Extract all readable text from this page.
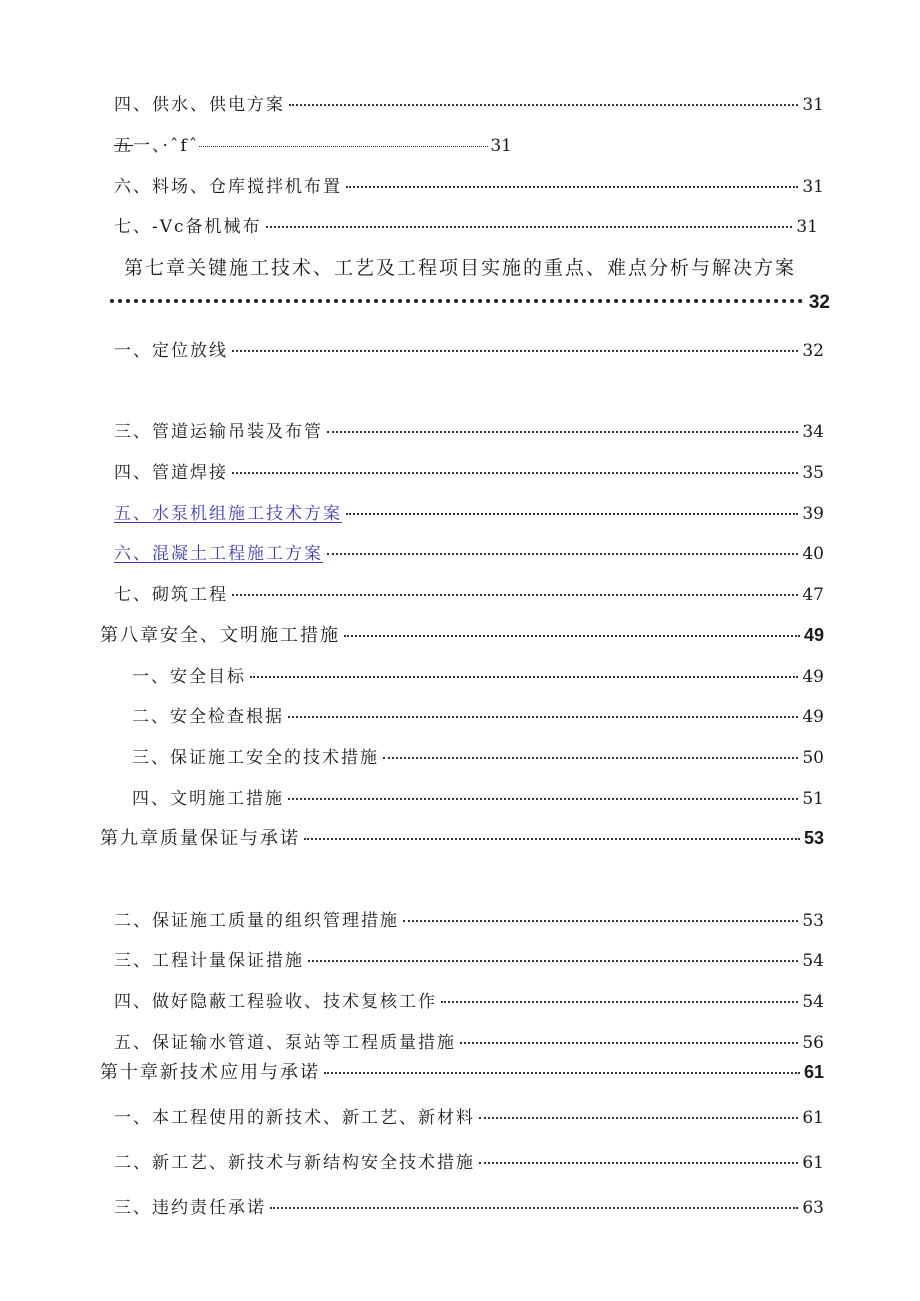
四、供水、供电方案	31
五一、·ˆfˆ	31
六、料场、仓库搅拌机布置	31
七、-Vc备机械布	31
第七章关键施工技术、工艺及工程项目实施的重点、难点分析与解决方案
32
一、定位放线	32
三、管道运输吊装及布管	34
四、管道焊接	35
五、水泵机组施工技术方案	39
六、混凝土工程施工方案	40
七、砌筑工程	47
第八章安全、文明施工措施	49
一、安全目标	49
二、安全检查根据	49
三、保证施工安全的技术措施	50
四、文明施工措施	51
第九章质量保证与承诺	53
二、保证施工质量的组织管理措施	53
三、工程计量保证措施	54
四、做好隐蔽工程验收、技术复核工作	54
五、保证输水管道、泵站等工程质量措施	56
第十章新技术应用与承诺	61
一、本工程使用的新技术、新工艺、新材料	61
二、新工艺、新技术与新结构安全技术措施	61
三、违约责任承诺	63
